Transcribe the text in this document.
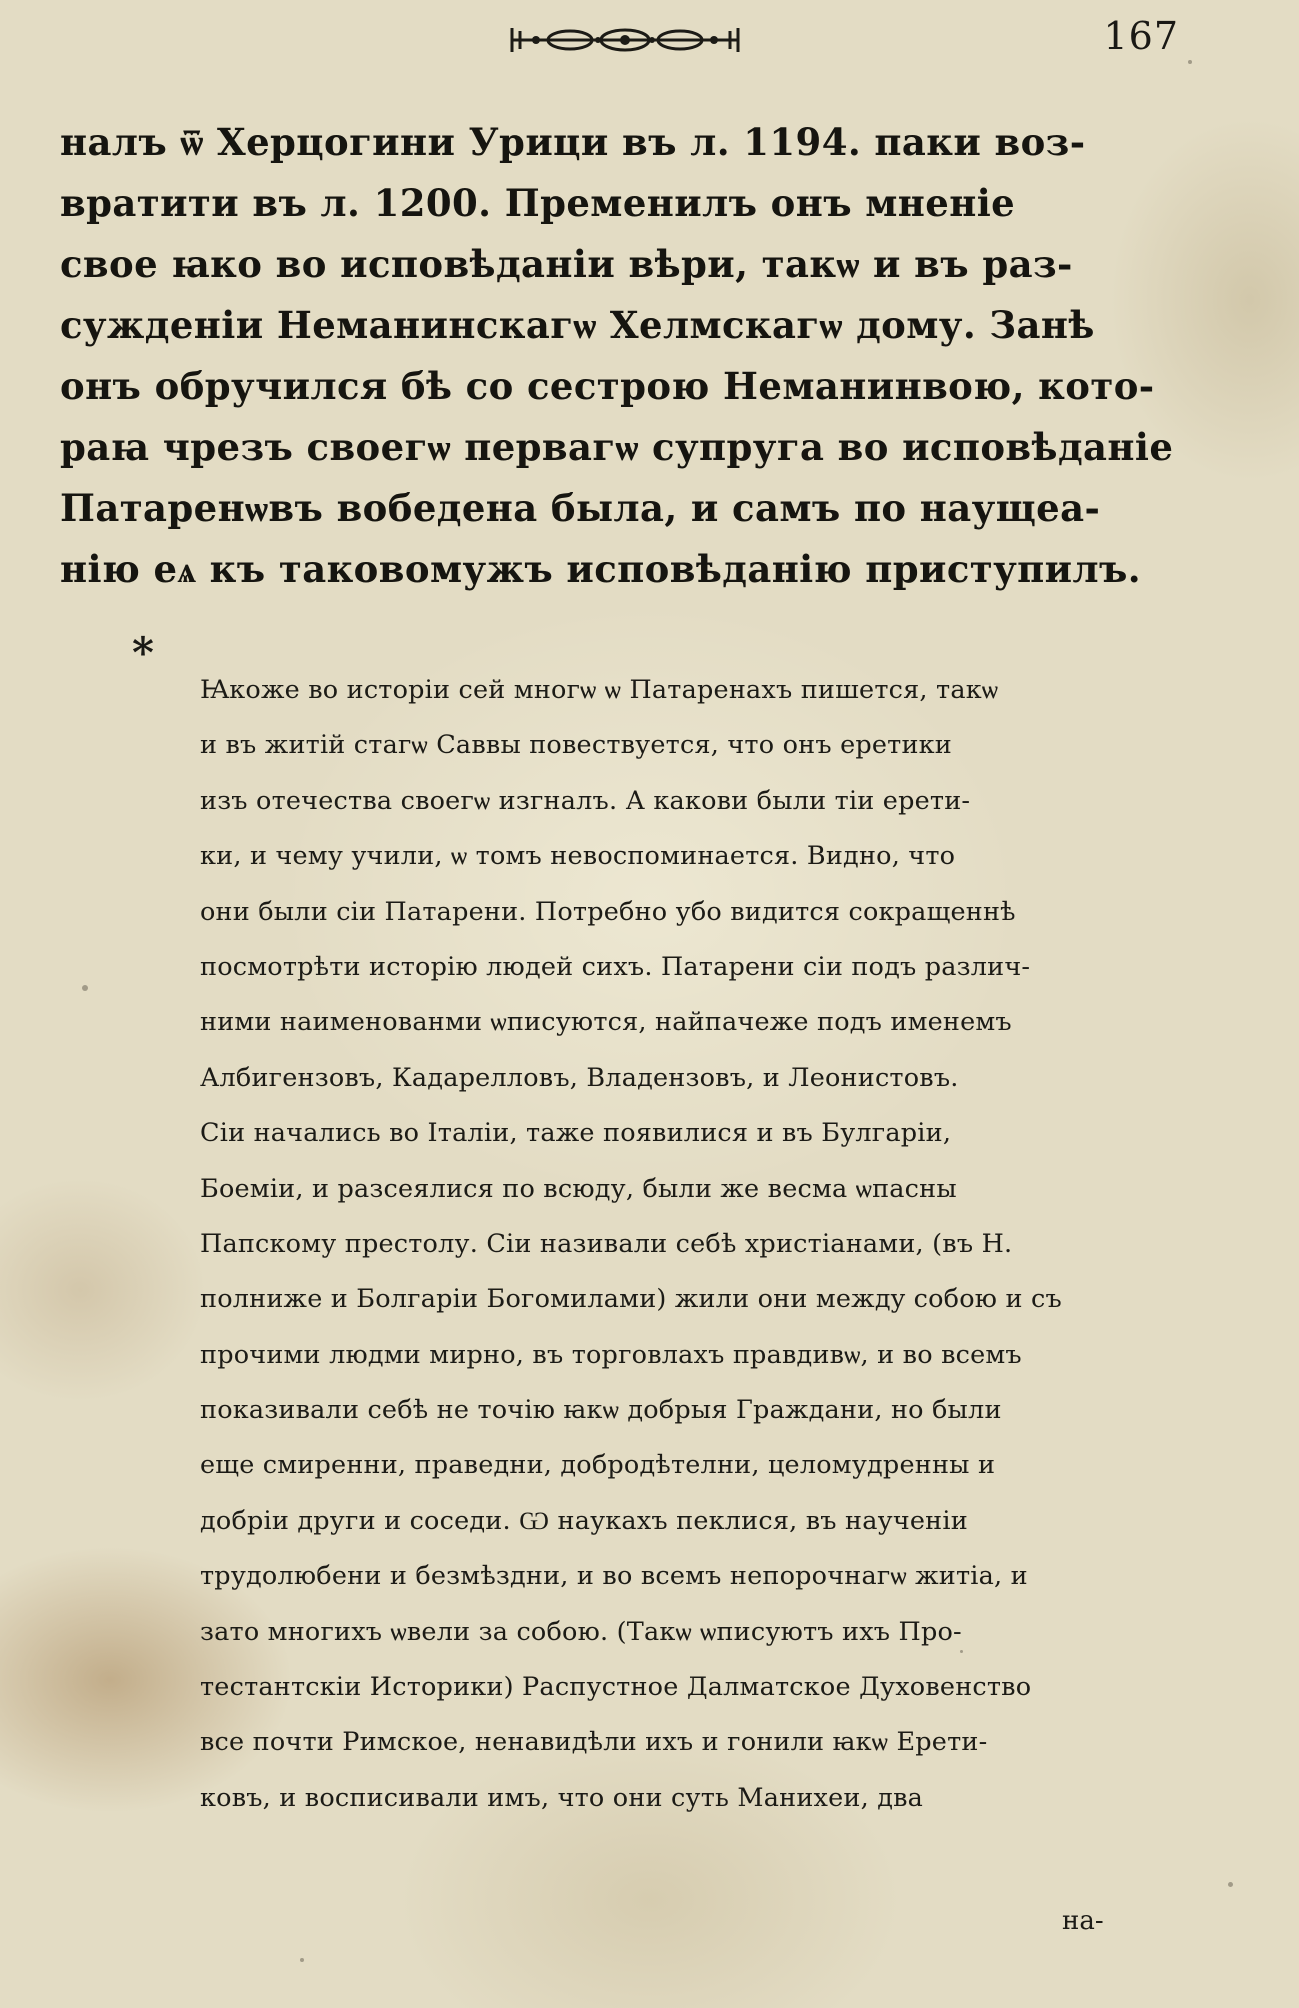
167
налъ ѿ Херцогини Урици въ л. 1194. паки воз-
вратити въ л. 1200. Пременилъ онъ мненіе
свое ꙗко во исповѣданіи вѣри, такѡ и въ раз-
сужденіи Неманинскагѡ Хелмскагѡ дому. Занѣ
онъ обручился бѣ со сестрою Неманинвою, кото-
раꙗ чрезъ своегѡ первагѡ супруга во исповѣданіе
Патаренѡвъ вобедена была, и самъ по наущеа-
нію еѧ къ таковомужъ исповѣданію приступилъ.
*
Ꙗкоже во исторіи сей многѡ ѡ Патаренахъ пишется, такѡ
и въ житій стагѡ Саввы повествуется, что онъ еретики
изъ отечества своегѡ изгналъ. А какови были тіи ерети-
ки, и чему учили, ѡ томъ невоспоминается. Видно, что
они были сіи Патарени. Потребно убо видится сокращеннѣ
посмотрѣти исторію людей сихъ. Патарени сіи подъ различ-
ними наименованми ѡписуются, найпачеже подъ именемъ
Албигензовъ, Кадарелловъ, Владензовъ, и Леонистовъ.
Сіи начались во Італіи, таже появилися и въ Булгаріи,
Боеміи, и разсеялися по всюду, были же весма ѡпасны
Папскому престолу. Сіи називали себѣ христіанами, (въ Н.
полниже и Болгаріи Богомилами) жили они междy собою и съ
прочими людми мирно, въ торговлахъ правдивѡ, и во всемъ
показивали себѣ не точію ꙗкѡ добрыя Граждани, но были
еще смиренни, праведни, добродѣтелни, целомудренны и
добріи други и соседи. Ѡ наукахъ пеклися, въ наученіи
трудолюбени и безмѣздни, и во всемъ непорочнагѡ житіа, и
зато многихъ ѡвели за собою. (Такѡ ѡписуютъ ихъ Про-
тестантскіи Историки) Распустное Далматское Духовенство
все почти Римское, ненавидѣли ихъ и гонили ꙗкѡ Ерети-
ковъ, и воспиcивали имъ, что они суть Манихеи, два
на-
